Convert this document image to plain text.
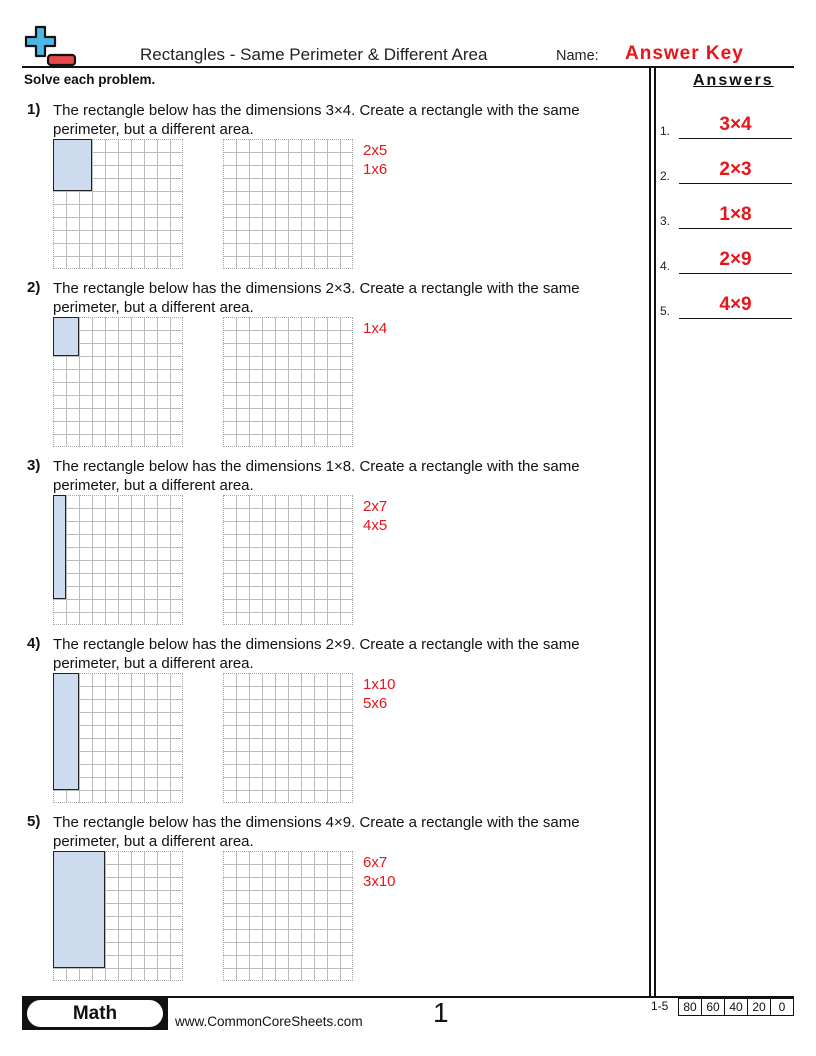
Rectangles - Same Perimeter & Different Area	Name: Answer Key
Solve each problem.	Answers
1) The rectangle below has the dimensions 3×4. Create a rectangle with the same perimeter, but a different area.
2x5
1x6
2) The rectangle below has the dimensions 2×3. Create a rectangle with the same perimeter, but a different area.
1x4
3) The rectangle below has the dimensions 1×8. Create a rectangle with the same perimeter, but a different area.
2x7
4x5
4) The rectangle below has the dimensions 2×9. Create a rectangle with the same perimeter, but a different area.
1x10
5x6
5) The rectangle below has the dimensions 4×9. Create a rectangle with the same perimeter, but a different area.
6x7
3x10
1.	3×4
2.	2×3
3.	1×8
4.	2×9
5.	4×9
Math	www.CommonCoreSheets.com	1	1-5	80 60 40 20	0
